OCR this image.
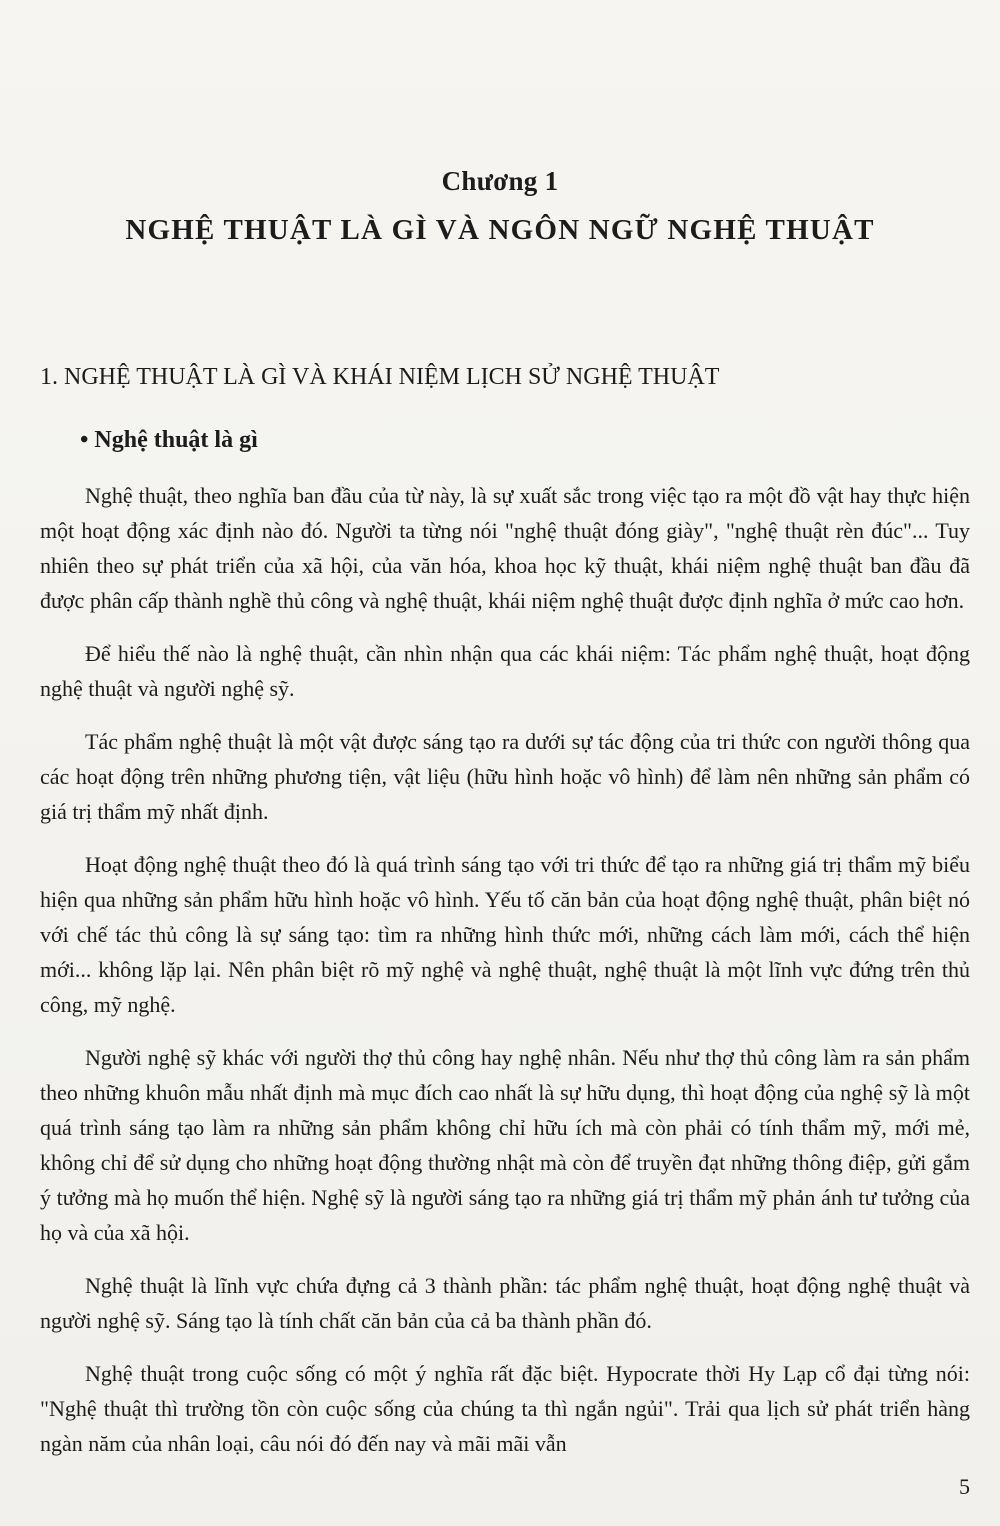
Chương 1
NGHỆ THUẬT LÀ GÌ VÀ NGÔN NGỮ NGHỆ THUẬT
1. NGHỆ THUẬT LÀ GÌ VÀ KHÁI NIỆM LỊCH SỬ NGHỆ THUẬT
• Nghệ thuật là gì

Nghệ thuật, theo nghĩa ban đầu của từ này, là sự xuất sắc trong việc tạo ra một đồ vật hay thực hiện một hoạt động xác định nào đó. Người ta từng nói "nghệ thuật đóng giày", "nghệ thuật rèn đúc"... Tuy nhiên theo sự phát triển của xã hội, của văn hóa, khoa học kỹ thuật, khái niệm nghệ thuật ban đầu đã được phân cấp thành nghề thủ công và nghệ thuật, khái niệm nghệ thuật được định nghĩa ở mức cao hơn.

Để hiểu thế nào là nghệ thuật, cần nhìn nhận qua các khái niệm: Tác phẩm nghệ thuật, hoạt động nghệ thuật và người nghệ sỹ.

Tác phẩm nghệ thuật là một vật được sáng tạo ra dưới sự tác động của tri thức con người thông qua các hoạt động trên những phương tiện, vật liệu (hữu hình hoặc vô hình) để làm nên những sản phẩm có giá trị thẩm mỹ nhất định.

Hoạt động nghệ thuật theo đó là quá trình sáng tạo với tri thức để tạo ra những giá trị thẩm mỹ biểu hiện qua những sản phẩm hữu hình hoặc vô hình. Yếu tố căn bản của hoạt động nghệ thuật, phân biệt nó với chế tác thủ công là sự sáng tạo: tìm ra những hình thức mới, những cách làm mới, cách thể hiện mới... không lặp lại. Nên phân biệt rõ mỹ nghệ và nghệ thuật, nghệ thuật là một lĩnh vực đứng trên thủ công, mỹ nghệ.

Người nghệ sỹ khác với người thợ thủ công hay nghệ nhân. Nếu như thợ thủ công làm ra sản phẩm theo những khuôn mẫu nhất định mà mục đích cao nhất là sự hữu dụng, thì hoạt động của nghệ sỹ là một quá trình sáng tạo làm ra những sản phẩm không chỉ hữu ích mà còn phải có tính thẩm mỹ, mới mẻ, không chỉ để sử dụng cho những hoạt động thường nhật mà còn để truyền đạt những thông điệp, gửi gắm ý tưởng mà họ muốn thể hiện. Nghệ sỹ là người sáng tạo ra những giá trị thẩm mỹ phản ánh tư tưởng của họ và của xã hội.

Nghệ thuật là lĩnh vực chứa đựng cả 3 thành phần: tác phẩm nghệ thuật, hoạt động nghệ thuật và người nghệ sỹ. Sáng tạo là tính chất căn bản của cả ba thành phần đó.

Nghệ thuật trong cuộc sống có một ý nghĩa rất đặc biệt. Hypocrate thời Hy Lạp cổ đại từng nói: "Nghệ thuật thì trường tồn còn cuộc sống của chúng ta thì ngắn ngủi". Trải qua lịch sử phát triển hàng ngàn năm của nhân loại, câu nói đó đến nay và mãi mãi vẫn

5
